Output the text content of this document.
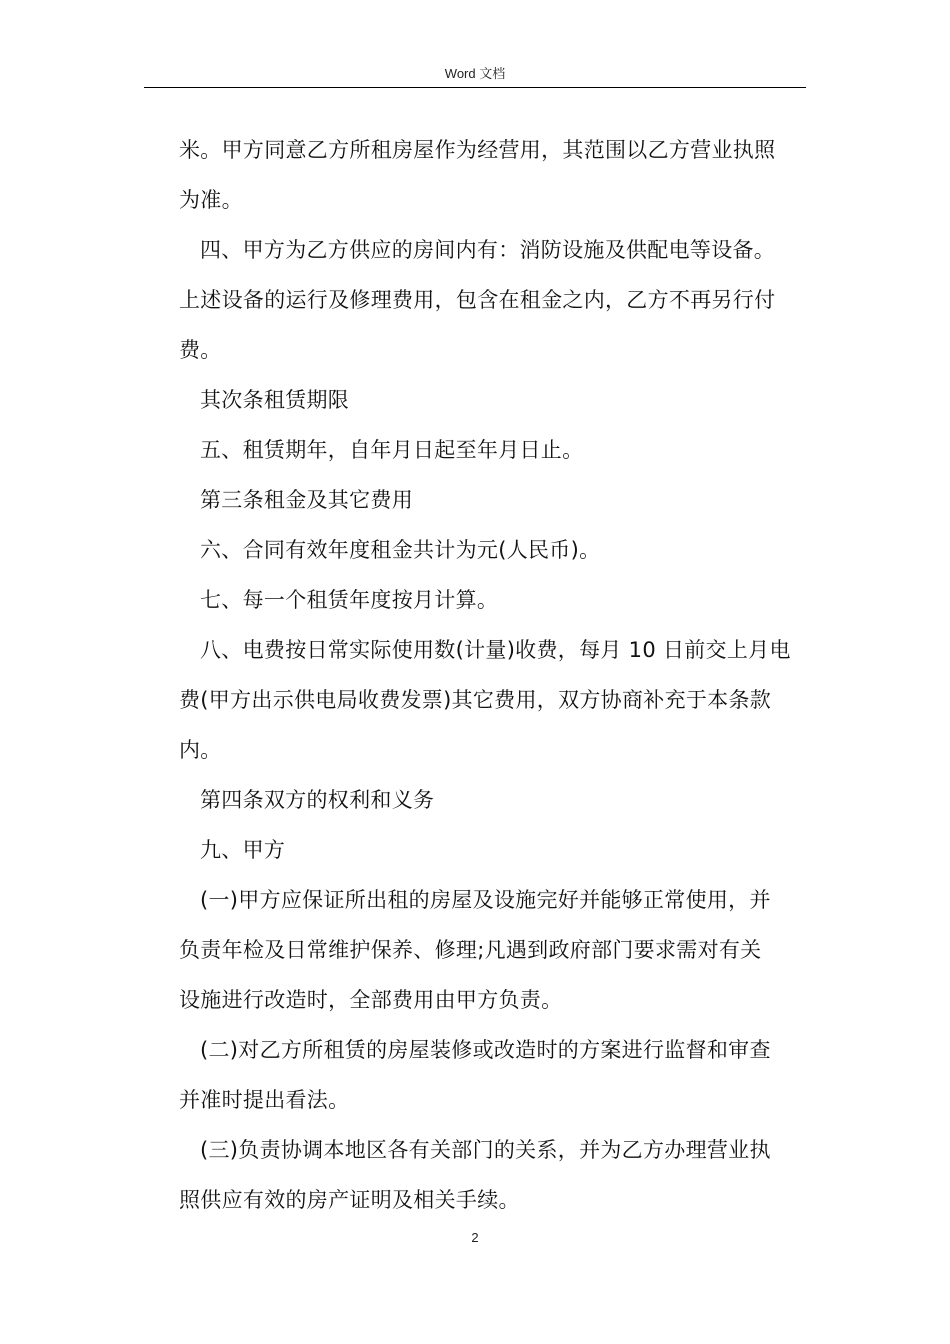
Word 文档

米。甲方同意乙方所租房屋作为经营用，其范围以乙方营业执照

为准。

四、甲方为乙方供应的房间内有：消防设施及供配电等设备。

上述设备的运行及修理费用，包含在租金之内，乙方不再另行付

费。

其次条租赁期限

五、租赁期年，自年月日起至年月日止。

第三条租金及其它费用

六、合同有效年度租金共计为元(人民币)。

七、每一个租赁年度按月计算。

八、电费按日常实际使用数(计量)收费，每月 10 日前交上月电

费(甲方出示供电局收费发票)其它费用，双方协商补充于本条款

内。

第四条双方的权利和义务

九、甲方

(一)甲方应保证所出租的房屋及设施完好并能够正常使用，并

负责年检及日常维护保养、修理;凡遇到政府部门要求需对有关

设施进行改造时，全部费用由甲方负责。

(二)对乙方所租赁的房屋装修或改造时的方案进行监督和审查

并准时提出看法。

(三)负责协调本地区各有关部门的关系，并为乙方办理营业执

照供应有效的房产证明及相关手续。

2
